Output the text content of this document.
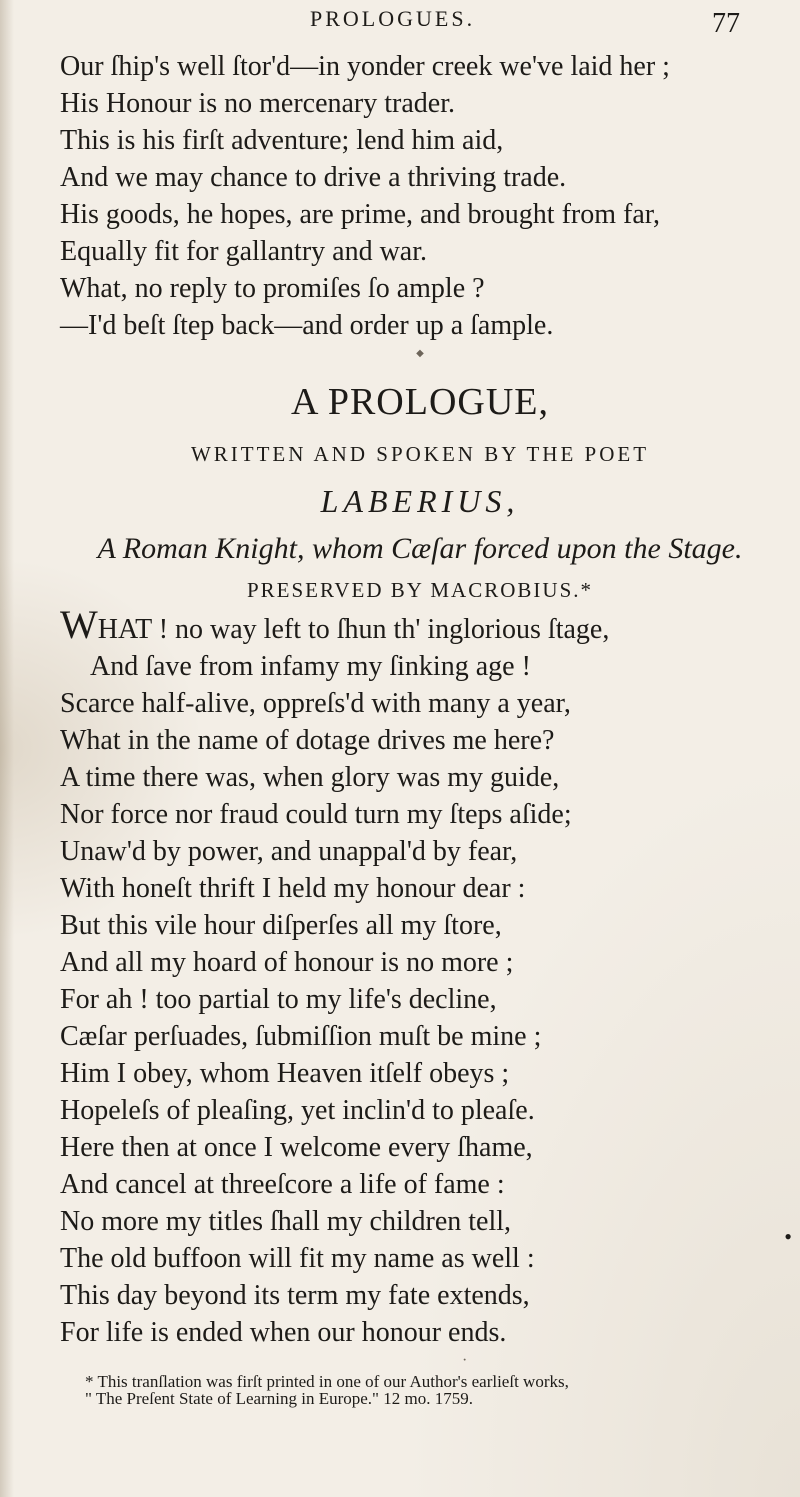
PROLOGUES.	77
Our ſhip's well ſtor'd—in yonder creek we've laid her ;
His Honour is no mercenary trader.
This is his firſt adventure; lend him aid,
And we may chance to drive a thriving trade.
His goods, he hopes, are prime, and brought from far,
Equally fit for gallantry and war.
What, no reply to promiſes ſo ample ?
—I'd beſt ſtep back—and order up a ſample.
◆
A PROLOGUE,
WRITTEN AND SPOKEN BY THE POET
LABERIUS,
A Roman Knight, whom Cæſar forced upon the Stage.
PRESERVED BY MACROBIUS.*
WHAT ! no way left to ſhun th' inglorious ſtage,
And ſave from infamy my ſinking age !
Scarce half-alive, oppreſs'd with many a year,
What in the name of dotage drives me here?
A time there was, when glory was my guide,
Nor force nor fraud could turn my ſteps aſide;
Unaw'd by power, and unappal'd by fear,
With honeſt thrift I held my honour dear :
But this vile hour diſperſes all my ſtore,
And all my hoard of honour is no more ;
For ah ! too partial to my life's decline,
Cæſar perſuades, ſubmiſſion muſt be mine ;
Him I obey, whom Heaven itſelf obeys ;
Hopeleſs of pleaſing, yet inclin'd to pleaſe.
Here then at once I welcome every ſhame,
And cancel at threeſcore a life of fame :
No more my titles ſhall my children tell,
The old buffoon will fit my name as well :
This day beyond its term my fate extends,
For life is ended when our honour ends.
* This tranſlation was firſt printed in one of our Author's earlieſt works,
" The Preſent State of Learning in Europe." 12 mo. 1759.
•
·
